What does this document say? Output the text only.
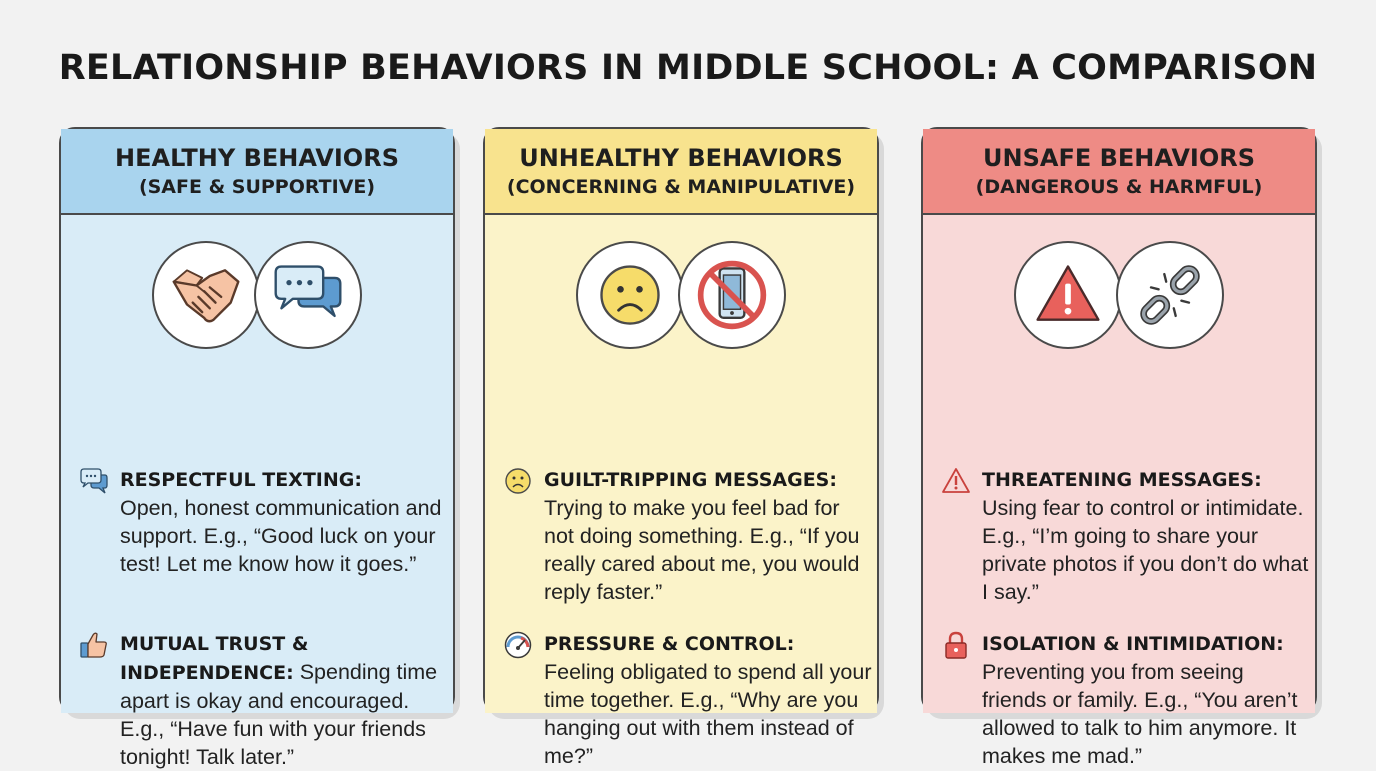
RELATIONSHIP BEHAVIORS IN MIDDLE SCHOOL: A COMPARISON
HEALTHY BEHAVIORS
(SAFE & SUPPORTIVE)
RESPECTFUL TEXTING:
Open, honest communication and support. E.g., “Good luck on your test! Let me know how it goes.”
MUTUAL TRUST & INDEPENDENCE: Spending time apart is okay and encouraged. E.g., “Have fun with your friends tonight! Talk later.”
UNHEALTHY BEHAVIORS
(CONCERNING & MANIPULATIVE)
GUILT-TRIPPING MESSAGES:
Trying to make you feel bad for not doing something. E.g., “If you really cared about me, you would reply faster.”
PRESSURE & CONTROL:
Feeling obligated to spend all your time together. E.g., “Why are you hanging out with them instead of me?”
UNSAFE BEHAVIORS
(DANGEROUS & HARMFUL)
THREATENING MESSAGES:
Using fear to control or intimidate. E.g., “I’m going to share your private photos if you don’t do what I say.”
ISOLATION & INTIMIDATION:
Preventing you from seeing friends or family. E.g., “You aren’t allowed to talk to him anymore. It makes me mad.”
